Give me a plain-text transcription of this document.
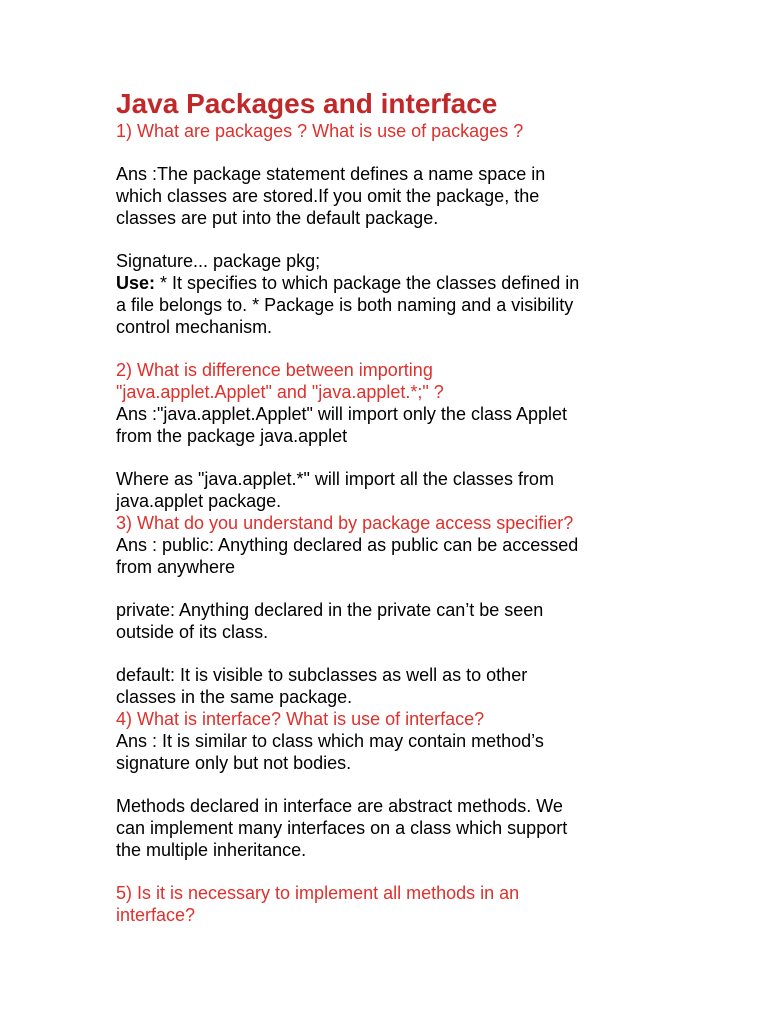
Java Packages and interface

1) What are packages ? What is use of packages ?

Ans :The package statement defines a name space in

which classes are stored.If you omit the package, the

classes are put into the default package.

Signature... package pkg;

Use: * It specifies to which package the classes defined in

a file belongs to. * Package is both naming and a visibility

control mechanism.

2) What is difference between importing

"java.applet.Applet" and "java.applet.*;" ?

Ans :"java.applet.Applet" will import only the class Applet

from the package java.applet

Where as "java.applet.*" will import all the classes from

java.applet package.

3) What do you understand by package access specifier?

Ans : public: Anything declared as public can be accessed

from anywhere

private: Anything declared in the private can’t be seen

outside of its class.

default: It is visible to subclasses as well as to other

classes in the same package.

4) What is interface? What is use of interface?

Ans : It is similar to class which may contain method’s

signature only but not bodies.

Methods declared in interface are abstract methods. We

can implement many interfaces on a class which support

the multiple inheritance.

5) Is it is necessary to implement all methods in an

interface?
